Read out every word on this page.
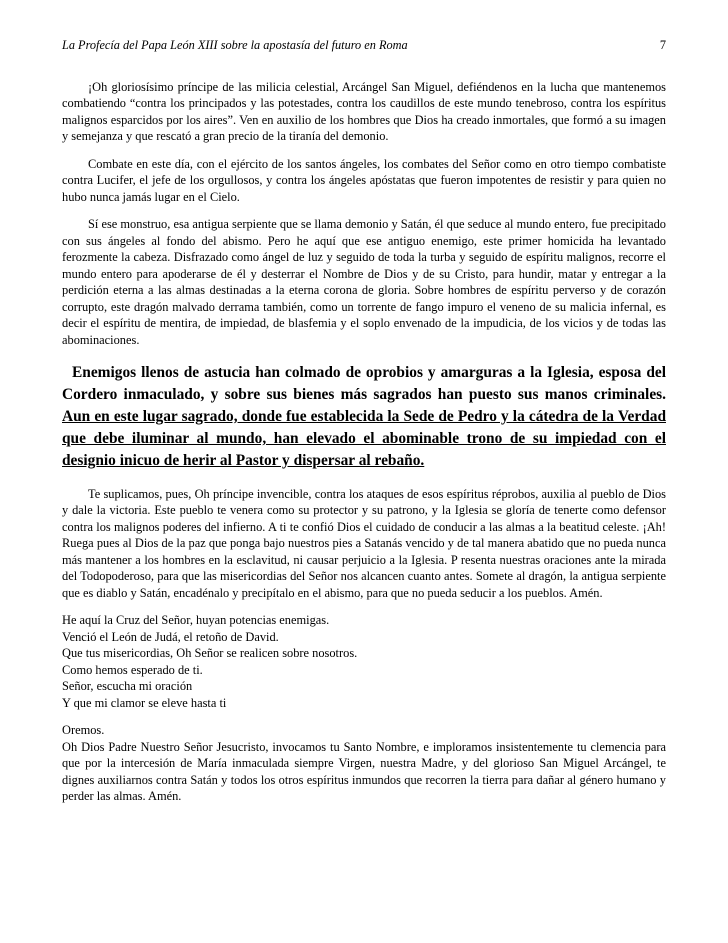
La Profecía del Papa León XIII sobre la apostasía del futuro en Roma	7

¡Oh gloriosísimo príncipe de las milicia celestial, Arcángel San Miguel, defiéndenos en la lucha que mantenemos combatiendo “contra los principados y las potestades, contra los caudillos de este mundo tenebroso, contra los espíritus malignos esparcidos por los aires”. Ven en auxilio de los hombres que Dios ha creado inmortales, que formó a su imagen y semejanza y que rescató a gran precio de la tiranía del demonio.

Combate en este día, con el ejército de los santos ángeles, los combates del Señor como en otro tiempo combatiste contra Lucifer, el jefe de los orgullosos, y contra los ángeles apóstatas que fueron impotentes de resistir y para quien no hubo nunca jamás lugar en el Cielo.

Sí ese monstruo, esa antigua serpiente que se llama demonio y Satán, él que seduce al mundo entero, fue precipitado con sus ángeles al fondo del abismo. Pero he aquí que ese antiguo enemigo, este primer homicida ha levantado ferozmente la cabeza. Disfrazado como ángel de luz y seguido de toda la turba y seguido de espíritu malignos, recorre el mundo entero para apoderarse de él y desterrar el Nombre de Dios y de su Cristo, para hundir, matar y entregar a la perdición eterna a las almas destinadas a la eterna corona de gloria. Sobre hombres de espíritu perverso y de corazón corrupto, este dragón malvado derrama también, como un torrente de fango impuro el veneno de su malicia infernal, es decir el espíritu de mentira, de impiedad, de blasfemia y el soplo envenado de la impudicia, de los vicios y de todas las abominaciones.

Enemigos llenos de astucia han colmado de oprobios y amarguras a la Iglesia, esposa del Cordero inmaculado, y sobre sus bienes más sagrados han puesto sus manos criminales. Aun en este lugar sagrado, donde fue establecida la Sede de Pedro y la cátedra de la Verdad que debe iluminar al mundo, han elevado el abominable trono de su impiedad con el designio inicuo de herir al Pastor y dispersar al rebaño.

Te suplicamos, pues, Oh príncipe invencible, contra los ataques de esos espíritus réprobos, auxilia al pueblo de Dios y dale la victoria. Este pueblo te venera como su protector y su patrono, y la Iglesia se gloría de tenerte como defensor contra los malignos poderes del infierno. A ti te confió Dios el cuidado de conducir a las almas a la beatitud celeste. ¡Ah! Ruega pues al Dios de la paz que ponga bajo nuestros pies a Satanás vencido y de tal manera abatido que no pueda nunca más mantener a los hombres en la esclavitud, ni causar perjuicio a la Iglesia. P resenta nuestras oraciones ante la mirada del Todopoderoso, para que las misericordias del Señor nos alcancen cuanto antes. Somete al dragón, la antigua serpiente que es diablo y Satán, encadénalo y precipítalo en el abismo, para que no pueda seducir a los pueblos. Amén.

He aquí la Cruz del Señor, huyan potencias enemigas.
Venció el León de Judá, el retoño de David.
Que tus misericordias, Oh Señor se realicen sobre nosotros.
Como hemos esperado de ti.
Señor, escucha mi oración
Y que mi clamor se eleve hasta ti
Oremos.

Oh Dios Padre Nuestro Señor Jesucristo, invocamos tu Santo Nombre, e imploramos insistentemente tu clemencia para que por la intercesión de María inmaculada siempre Virgen, nuestra Madre, y del glorioso San Miguel Arcángel, te dignes auxiliarnos contra Satán y todos los otros espíritus inmundos que recorren la tierra para dañar al género humano y perder las almas. Amén.
